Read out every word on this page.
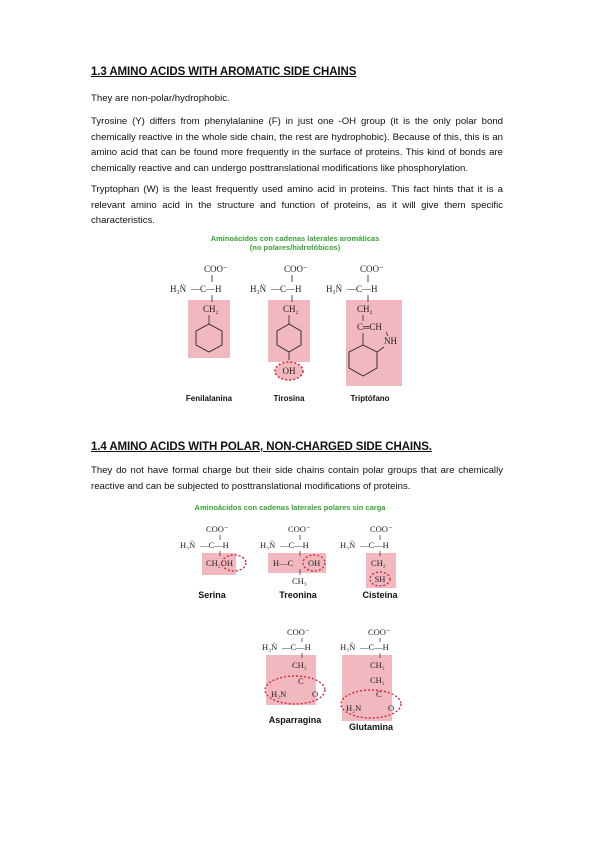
1.3 AMINO ACIDS WITH AROMATIC SIDE CHAINS
They are non-polar/hydrophobic.
Tyrosine (Y) differs from phenylalanine (F) in just one -OH group (it is the only polar bond chemically reactive in the whole side chain, the rest are hydrophobic). Because of this, this is an amino acid that can be found more frequently in the surface of proteins. This kind of bonds are chemically reactive and can undergo posttranslational modifications like phosphorylation.
Tryptophan (W) is the least frequently used amino acid in proteins. This fact hints that it is a relevant amino acid in the structure and function of proteins, as it will give them specific characteristics.
Aminoácidos con cadenas laterales aromáticas
(no polares/hidrofóbicos)
COO⁻
H₃N̈ —C—H
CH₂
COO⁻
H₃N̈ —C—H
CH₂
OH
COO⁻
H₃N̈ —C—H
CH₂
C═CH
NH
Fenilalanina	Tirosina	Triptófano
1.4 AMINO ACIDS WITH POLAR, NON-CHARGED SIDE CHAINS.
They do not have formal charge but their side chains contain polar groups that are chemically reactive and can be subjected to posttranslational modifications of proteins.
Aminoácidos con cadenas laterales polares sin carga
COO⁻
H₃N̈ —C—H
CH₂OH
Serina
COO⁻
H₃N̈ —C—H
H—C OH
CH₃
Treonina
COO⁻
H₃N̈ —C—H
CH₂
SH
Cisteína
COO⁻
H₃N̈ —C—H
CH₂
C
H₂N	O
Asparragina
COO⁻
H₃N̈ —C—H
CH₂
CH₂
C
H₂N	O
Glutamina
